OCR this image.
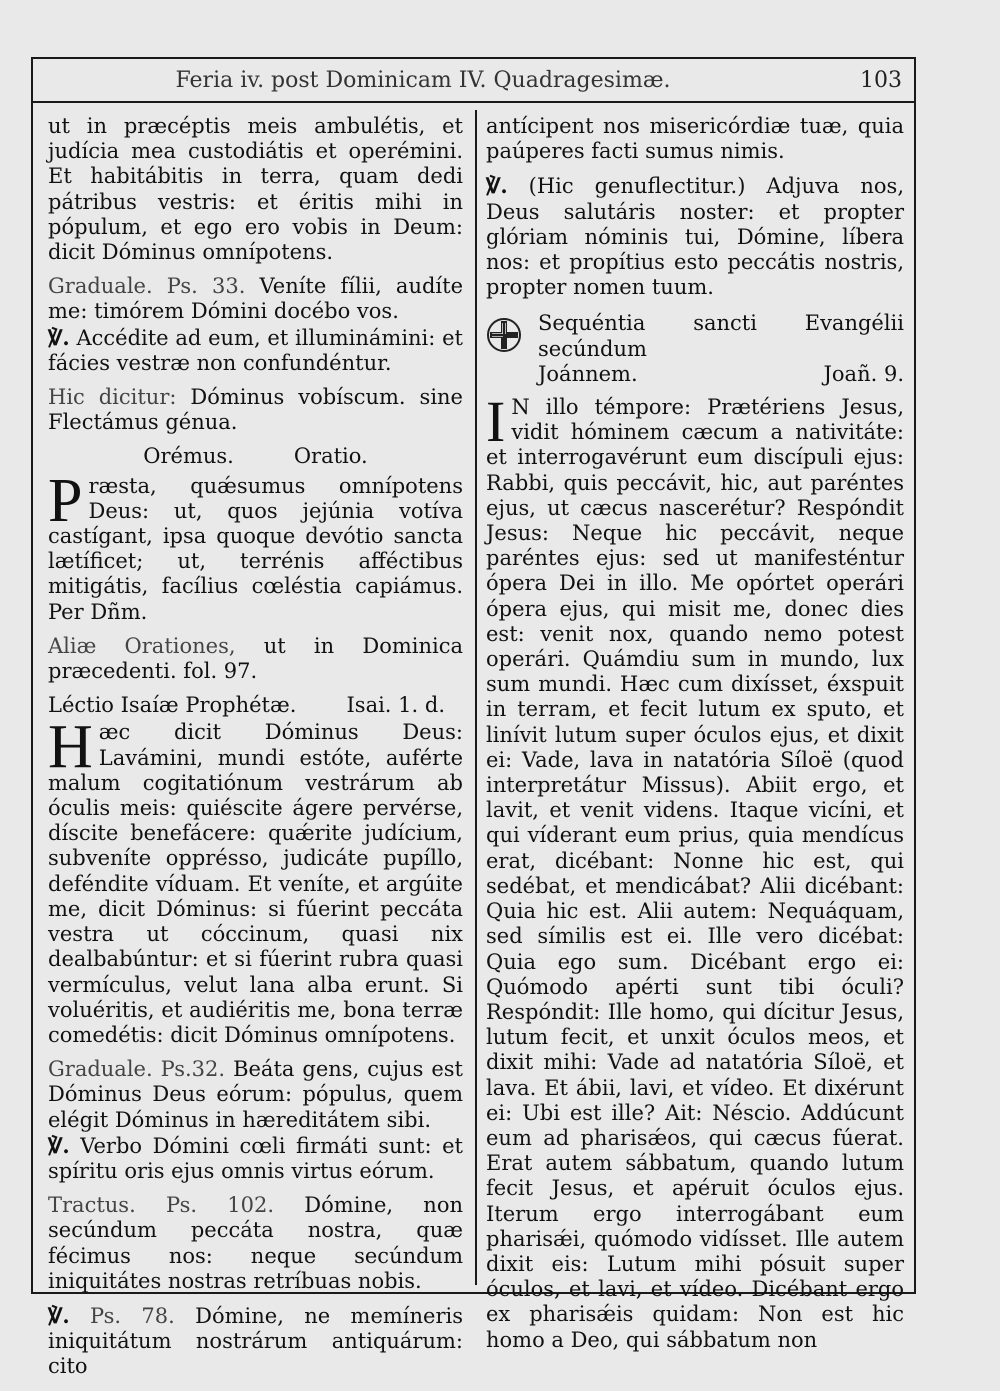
Feria iv. post Dominicam IV. Quadragesimæ.	103

ut in præcéptis meis ambulétis, et judícia mea custodiátis et operémini. Et habitábitis in terra, quam dedi pátribus vestris: et éritis mihi in pópulum, et ego ero vobis in Deum: dicit Dóminus omnípotens.

Graduale. Ps. 33. Veníte fílii, audíte me: timórem Dómini docébo vos.

℣. Accédite ad eum, et illuminámini: et fácies vestræ non confundéntur.

Hic dicitur: Dóminus vobíscum. sine Flectámus génua.

Orémus.	Oratio.

Præsta, quǽsumus omnípotens Deus: ut, quos jejúnia votíva castígant, ipsa quoque devótio sancta lætíficet; ut, terrénis afféctibus mitigátis, facílius cœléstia capiámus. Per Dñm.

Aliæ Orationes, ut in Dominica præcedenti. fol. 97.

Léctio Isaíæ Prophétæ. Isai. 1. d.

Hæc dicit Dóminus Deus: Lavámini, mundi estóte, auférte malum cogitatiónum vestrárum ab óculis meis: quiéscite ágere pervérse, díscite benefácere: quǽrite judícium, subveníte opprésso, judicáte pupíllo, deféndite víduam. Et veníte, et argúite me, dicit Dóminus: si fúerint peccáta vestra ut cóccinum, quasi nix dealbabúntur: et si fúerint rubra quasi vermículus, velut lana alba erunt. Si voluéritis, et audiéritis me, bona terræ comedétis: dicit Dóminus omnípotens.

Graduale. Ps.32. Beáta gens, cujus est Dóminus Deus eórum: pópulus, quem elégit Dóminus in hæreditátem sibi.

℣. Verbo Dómini cœli firmáti sunt: et spíritu oris ejus omnis virtus eórum.

Tractus. Ps. 102. Dómine, non secúndum peccáta nostra, quæ fécimus nos: neque secúndum iniquitátes nostras retríbuas nobis.

℣. Ps. 78. Dómine, ne memíneris iniquitátum nostrárum antiquárum: cito

antícipent nos misericórdiæ tuæ, quia paúperes facti sumus nimis.

℣. (Hic genuflectitur.) Adjuva nos, Deus salutáris noster: et propter glóriam nóminis tui, Dómine, líbera nos: et propítius esto peccátis nostris, propter nomen tuum.

Sequéntia sancti Evangélii secúndum
Joánnem.	Joañ. 9.

I N illo témpore: Prætériens Jesus, vidit hóminem cæcum a nativitáte: et interrogavérunt eum discípuli ejus: Rabbi, quis peccávit, hic, aut paréntes ejus, ut cæcus nascerétur? Respóndit Jesus: Neque hic peccávit, neque paréntes ejus: sed ut manifesténtur ópera Dei in illo. Me opórtet operári ópera ejus, qui misit me, donec dies est: venit nox, quando nemo potest operári. Quámdiu sum in mundo, lux sum mundi. Hæc cum dixísset, éxspuit in terram, et fecit lutum ex sputo, et linívit lutum super óculos ejus, et dixit ei: Vade, lava in natatória Síloë (quod interpretátur Missus). Abiit ergo, et lavit, et venit videns. Itaque vicíni, et qui víderant eum prius, quia mendícus erat, dicébant: Nonne hic est, qui sedébat, et mendicábat? Alii dicébant: Quia hic est. Alii autem: Nequáquam, sed símilis est ei. Ille vero dicébat: Quia ego sum. Dicébant ergo ei: Quómodo apérti sunt tibi óculi? Respóndit: Ille homo, qui dícitur Jesus, lutum fecit, et unxit óculos meos, et dixit mihi: Vade ad natatória Síloë, et lava. Et ábii, lavi, et vídeo. Et dixérunt ei: Ubi est ille? Ait: Néscio. Addúcunt eum ad pharisǽos, qui cæcus fúerat. Erat autem sábbatum, quando lutum fecit Jesus, et apéruit óculos ejus. Iterum ergo interrogábant eum pharisǽi, quómodo vidísset. Ille autem dixit eis: Lutum mihi pósuit super óculos, et lavi, et vídeo. Dicébant ergo ex pharisǽis quidam: Non est hic homo a Deo, qui sábbatum non
